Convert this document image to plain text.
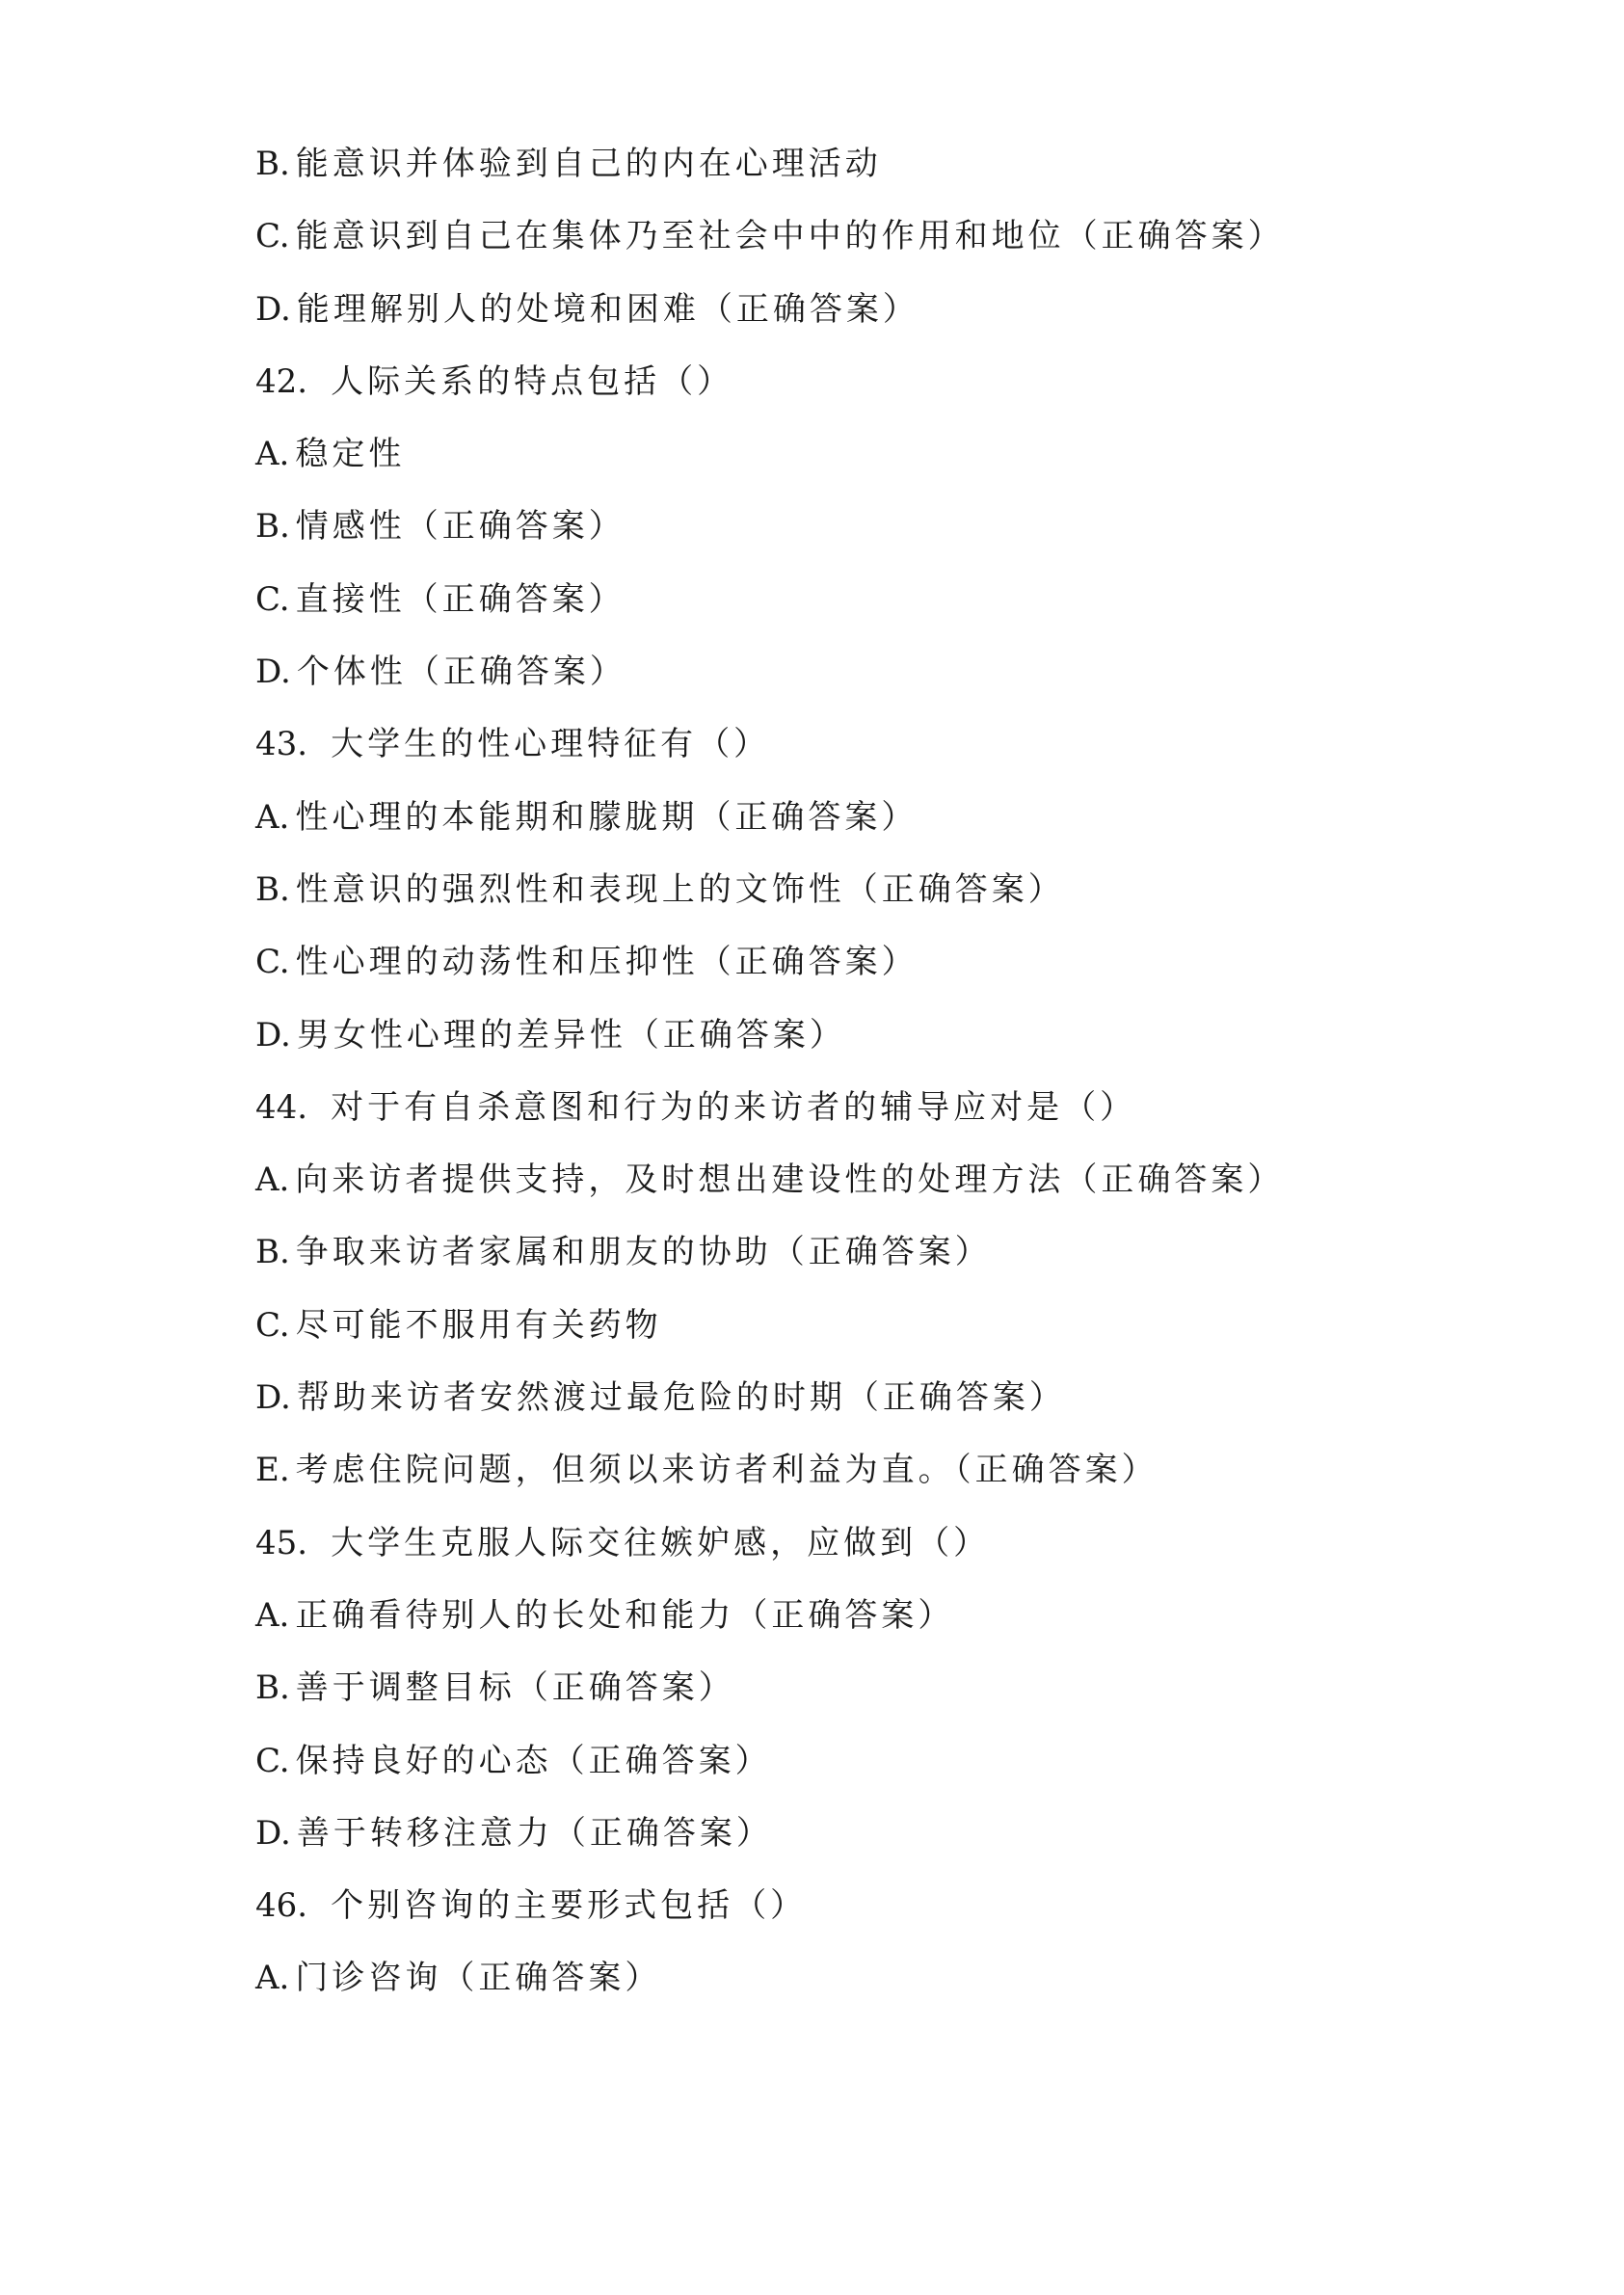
B. 能意识并体验到自己的内在心理活动
C. 能意识到自己在集体乃至社会中中的作用和地位（正确答案）
D. 能理解别人的处境和困难（正确答案）
42. 人际关系的特点包括（）
A. 稳定性
B. 情感性（正确答案）
C. 直接性（正确答案）
D. 个体性（正确答案）
43. 大学生的性心理特征有（）
A. 性心理的本能期和朦胧期（正确答案）
B. 性意识的强烈性和表现上的文饰性（正确答案）
C. 性心理的动荡性和压抑性（正确答案）
D. 男女性心理的差异性（正确答案）
44. 对于有自杀意图和行为的来访者的辅导应对是（）
A. 向来访者提供支持，及时想出建设性的处理方法（正确答案）
B. 争取来访者家属和朋友的协助（正确答案）
C. 尽可能不服用有关药物
D. 帮助来访者安然渡过最危险的时期（正确答案）
E. 考虑住院问题，但须以来访者利益为直。（正确答案）
45. 大学生克服人际交往嫉妒感，应做到（）
A. 正确看待别人的长处和能力（正确答案）
B. 善于调整目标（正确答案）
C. 保持良好的心态（正确答案）
D. 善于转移注意力（正确答案）
46. 个别咨询的主要形式包括（）
A. 门诊咨询（正确答案）
